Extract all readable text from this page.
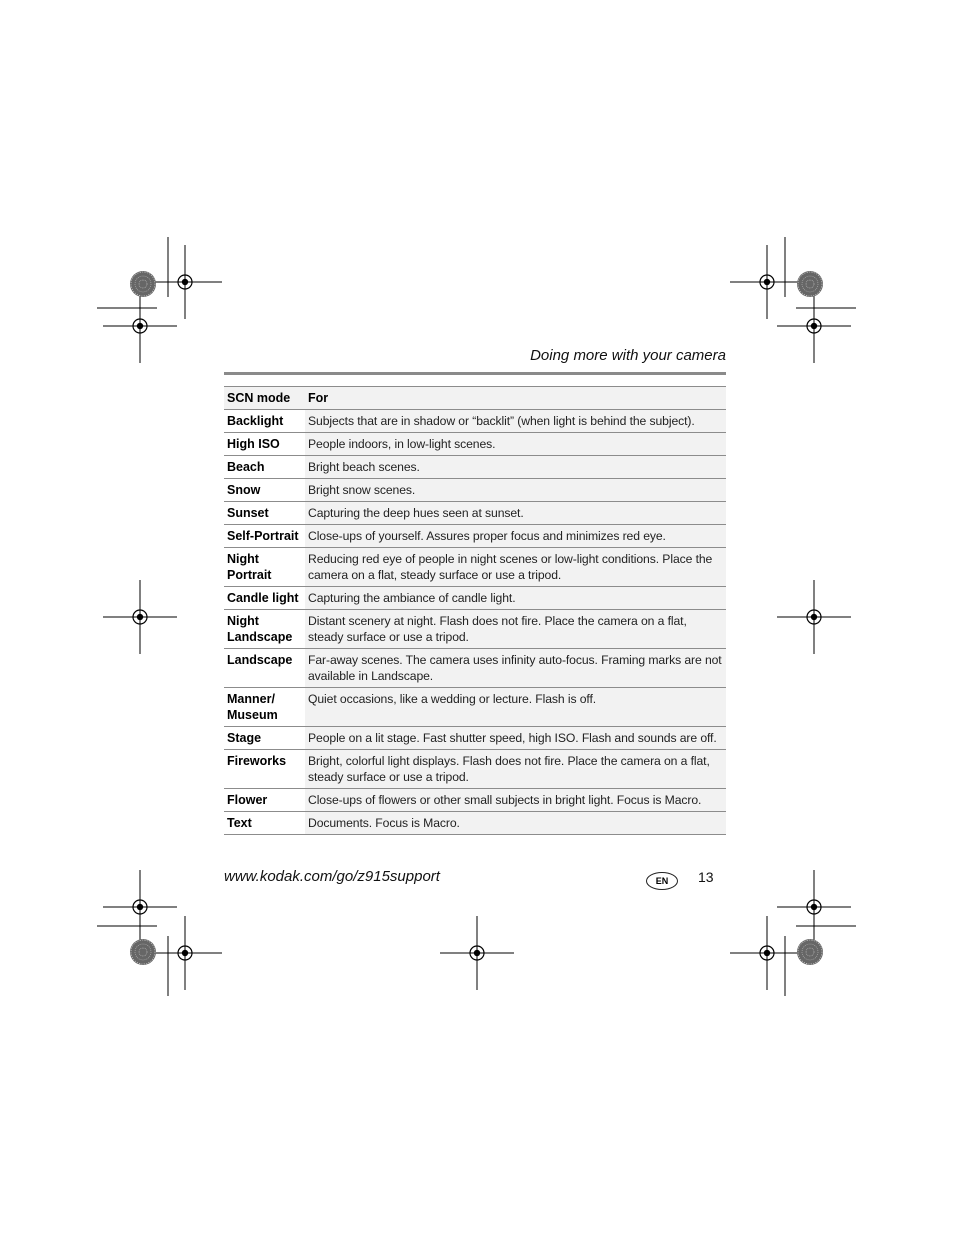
Doing more with your camera
SCN mode	For
Backlight	Subjects that are in shadow or “backlit” (when light is behind the subject).
High ISO	People indoors, in low-light scenes.
Beach	Bright beach scenes.
Snow	Bright snow scenes.
Sunset	Capturing the deep hues seen at sunset.
Self-Portrait	Close-ups of yourself. Assures proper focus and minimizes red eye.
Night Portrait	Reducing red eye of people in night scenes or low-light conditions. Place the camera on a flat, steady surface or use a tripod.
Candle light	Capturing the ambiance of candle light.
Night Landscape	Distant scenery at night. Flash does not fire. Place the camera on a flat, steady surface or use a tripod.
Landscape	Far-away scenes. The camera uses infinity auto-focus. Framing marks are not available in Landscape.
Manner/ Museum	Quiet occasions, like a wedding or lecture. Flash is off.
Stage	People on a lit stage. Fast shutter speed, high ISO. Flash and sounds are off.
Fireworks	Bright, colorful light displays. Flash does not fire. Place the camera on a flat, steady surface or use a tripod.
Flower	Close-ups of flowers or other small subjects in bright light. Focus is Macro.
Text	Documents. Focus is Macro.
www.kodak.com/go/z915support	EN	13
